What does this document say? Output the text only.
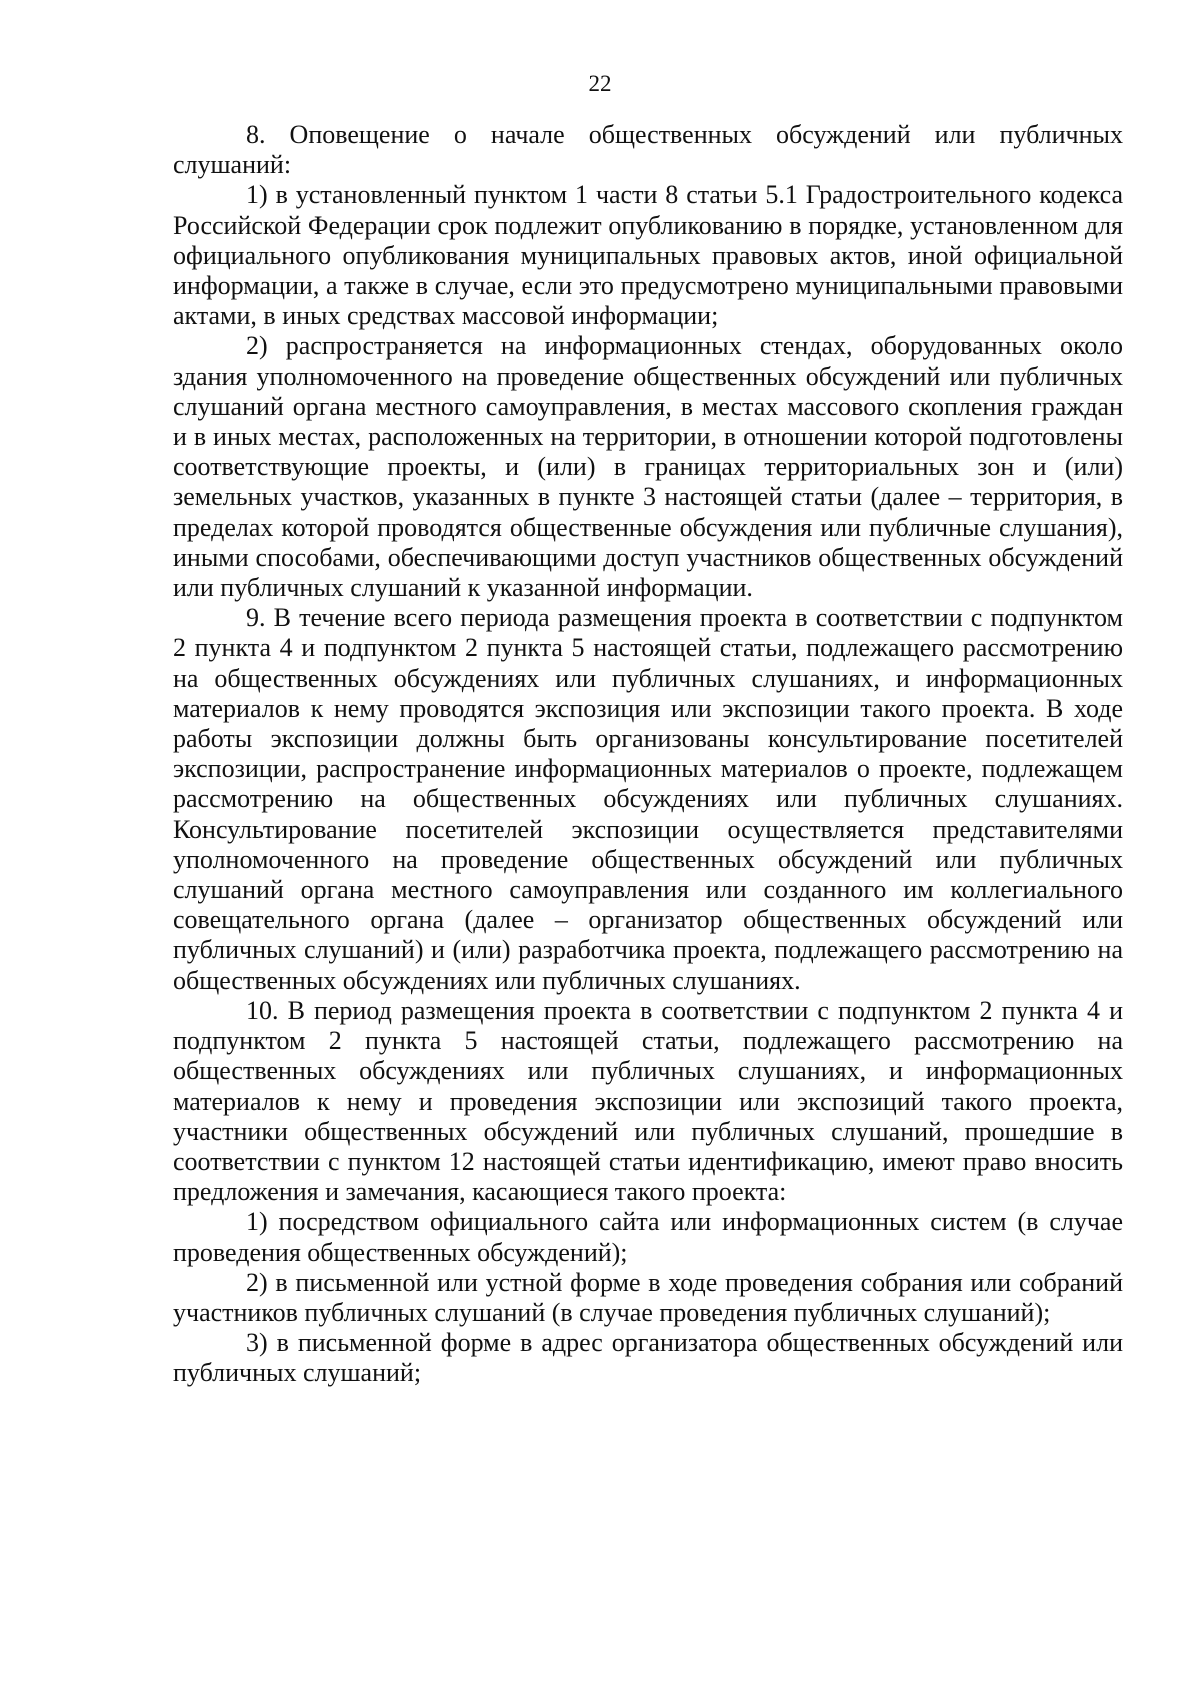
22

8. Оповещение о начале общественных обсуждений или публичных слушаний:

1) в установленный пунктом 1 части 8 статьи 5.1 Градостроительного кодекса Российской Федерации срок подлежит опубликованию в порядке, установленном для официального опубликования муниципальных правовых актов, иной официальной информации, а также в случае, если это предусмотрено муниципальными правовыми актами, в иных средствах массовой информации;

2) распространяется на информационных стендах, оборудованных около здания уполномоченного на проведение общественных обсуждений или публичных слушаний органа местного самоуправления, в местах массового скопления граждан и в иных местах, расположенных на территории, в отношении которой подготовлены соответствующие проекты, и (или) в границах территориальных зон и (или) земельных участков, указанных в пункте 3 настоящей статьи (далее – территория, в пределах которой проводятся общественные обсуждения или публичные слушания), иными способами, обеспечивающими доступ участников общественных обсуждений или публичных слушаний к указанной информации.

9. В течение всего периода размещения проекта в соответствии с подпунктом 2 пункта 4 и подпунктом 2 пункта 5 настоящей статьи, подлежащего рассмотрению на общественных обсуждениях или публичных слушаниях, и информационных материалов к нему проводятся экспозиция или экспозиции такого проекта. В ходе работы экспозиции должны быть организованы консультирование посетителей экспозиции, распространение информационных материалов о проекте, подлежащем рассмотрению на общественных обсуждениях или публичных слушаниях. Консультирование посетителей экспозиции осуществляется представителями уполномоченного на проведение общественных обсуждений или публичных слушаний органа местного самоуправления или созданного им коллегиального совещательного органа (далее – организатор общественных обсуждений или публичных слушаний) и (или) разработчика проекта, подлежащего рассмотрению на общественных обсуждениях или публичных слушаниях.

10. В период размещения проекта в соответствии с подпунктом 2 пункта 4 и подпунктом 2 пункта 5 настоящей статьи, подлежащего рассмотрению на общественных обсуждениях или публичных слушаниях, и информационных материалов к нему и проведения экспозиции или экспозиций такого проекта, участники общественных обсуждений или публичных слушаний, прошедшие в соответствии с пунктом 12 настоящей статьи идентификацию, имеют право вносить предложения и замечания, касающиеся такого проекта:

1) посредством официального сайта или информационных систем (в случае проведения общественных обсуждений);

2) в письменной или устной форме в ходе проведения собрания или собраний участников публичных слушаний (в случае проведения публичных слушаний);

3) в письменной форме в адрес организатора общественных обсуждений или публичных слушаний;
